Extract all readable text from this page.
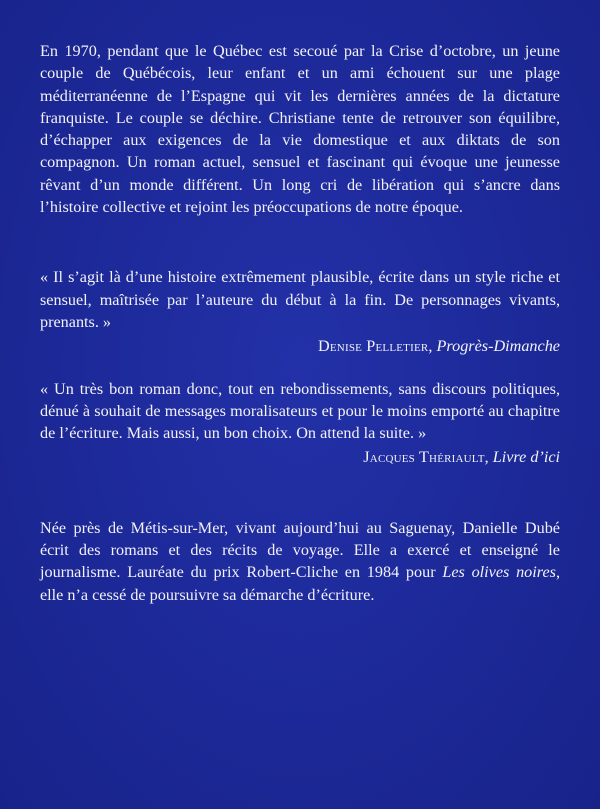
En 1970, pendant que le Québec est secoué par la Crise d’octobre, un jeune couple de Québécois, leur enfant et un ami échouent sur une plage méditerranéenne de l’Espagne qui vit les dernières années de la dictature franquiste. Le couple se déchire. Christiane tente de retrouver son équilibre, d’échapper aux exigences de la vie domestique et aux diktats de son compagnon. Un roman actuel, sensuel et fascinant qui évoque une jeunesse rêvant d’un monde différent. Un long cri de libération qui s’ancre dans l’histoire collective et rejoint les préoccupations de notre époque.

« Il s’agit là d’une histoire extrêmement plausible, écrite dans un style riche et sensuel, maîtrisée par l’auteure du début à la fin. De personnages vivants, prenants. »

Denise Pelletier, Progrès-Dimanche

« Un très bon roman donc, tout en rebondissements, sans discours politiques, dénué à souhait de messages moralisateurs et pour le moins emporté au chapitre de l’écriture. Mais aussi, un bon choix. On attend la suite. »

Jacques Thériault, Livre d’ici

Née près de Métis-sur-Mer, vivant aujourd’hui au Saguenay, Danielle Dubé écrit des romans et des récits de voyage. Elle a exercé et enseigné le journalisme. Lauréate du prix Robert-Cliche en 1984 pour Les olives noires, elle n’a cessé de poursuivre sa démarche d’écriture.
